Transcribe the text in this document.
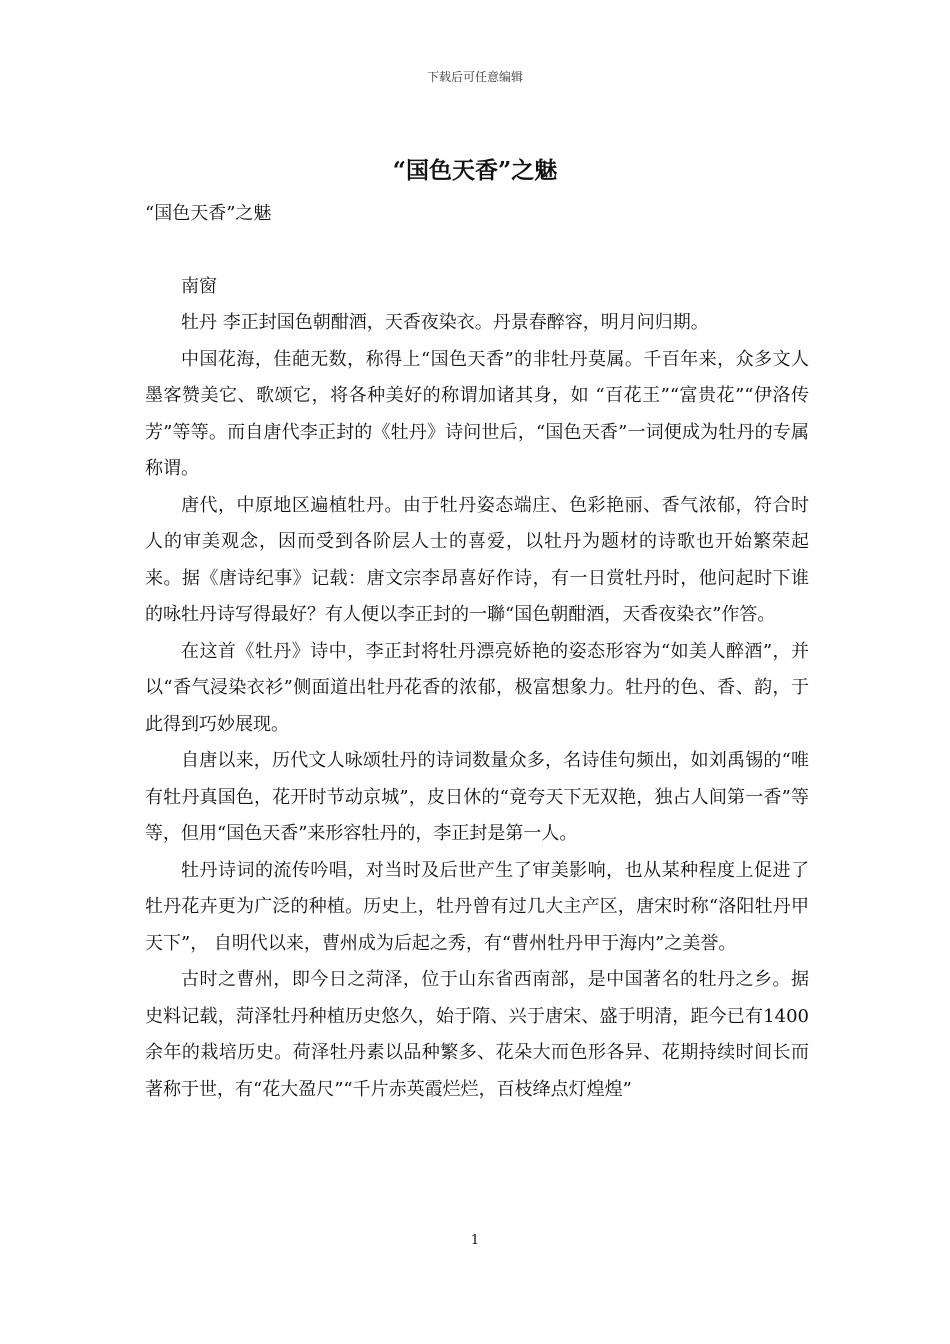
下载后可任意编辑
“国色天香”之魅

“国色天香”之魅

南窗

牡丹 李正封国色朝酣酒，天香夜染衣。丹景春醉容，明月问归期。

中国花海，佳葩无数，称得上“国色天香”的非牡丹莫属。千百年来，众多文人墨客赞美它、歌颂它，将各种美好的称谓加诸其身，如 “百花王”“富贵花”“伊洛传芳”等等。而自唐代李正封的《牡丹》诗问世后，“国色天香”一词便成为牡丹的专属称谓。

唐代，中原地区遍植牡丹。由于牡丹姿态端庄、色彩艳丽、香气浓郁，符合时人的审美观念，因而受到各阶层人士的喜爱，以牡丹为题材的诗歌也开始繁荣起来。据《唐诗纪事》记载：唐文宗李昂喜好作诗，有一日赏牡丹时，他问起时下谁的咏牡丹诗写得最好？有人便以李正封的一聯“国色朝酣酒，天香夜染衣”作答。

在这首《牡丹》诗中，李正封将牡丹漂亮娇艳的姿态形容为“如美人醉酒”，并以“香气浸染衣衫”侧面道出牡丹花香的浓郁，极富想象力。牡丹的色、香、韵，于此得到巧妙展现。

自唐以来，历代文人咏颂牡丹的诗词数量众多，名诗佳句频出，如刘禹锡的“唯有牡丹真国色，花开时节动京城”，皮日休的“竟夸天下无双艳，独占人间第一香”等等，但用“国色天香”来形容牡丹的，李正封是第一人。

牡丹诗词的流传吟唱，对当时及后世产生了审美影响，也从某种程度上促进了牡丹花卉更为广泛的种植。历史上，牡丹曾有过几大主产区，唐宋时称“洛阳牡丹甲天下”， 自明代以来，曹州成为后起之秀，有“曹州牡丹甲于海内”之美誉。

古时之曹州，即今日之菏泽，位于山东省西南部，是中国著名的牡丹之乡。据史料记载，菏泽牡丹种植历史悠久，始于隋、兴于唐宋、盛于明清，距今已有1400余年的栽培历史。荷泽牡丹素以品种繁多、花朵大而色形各异、花期持续时间长而著称于世，有“花大盈尺”“千片赤英霞烂烂，百枝绛点灯煌煌”

1
